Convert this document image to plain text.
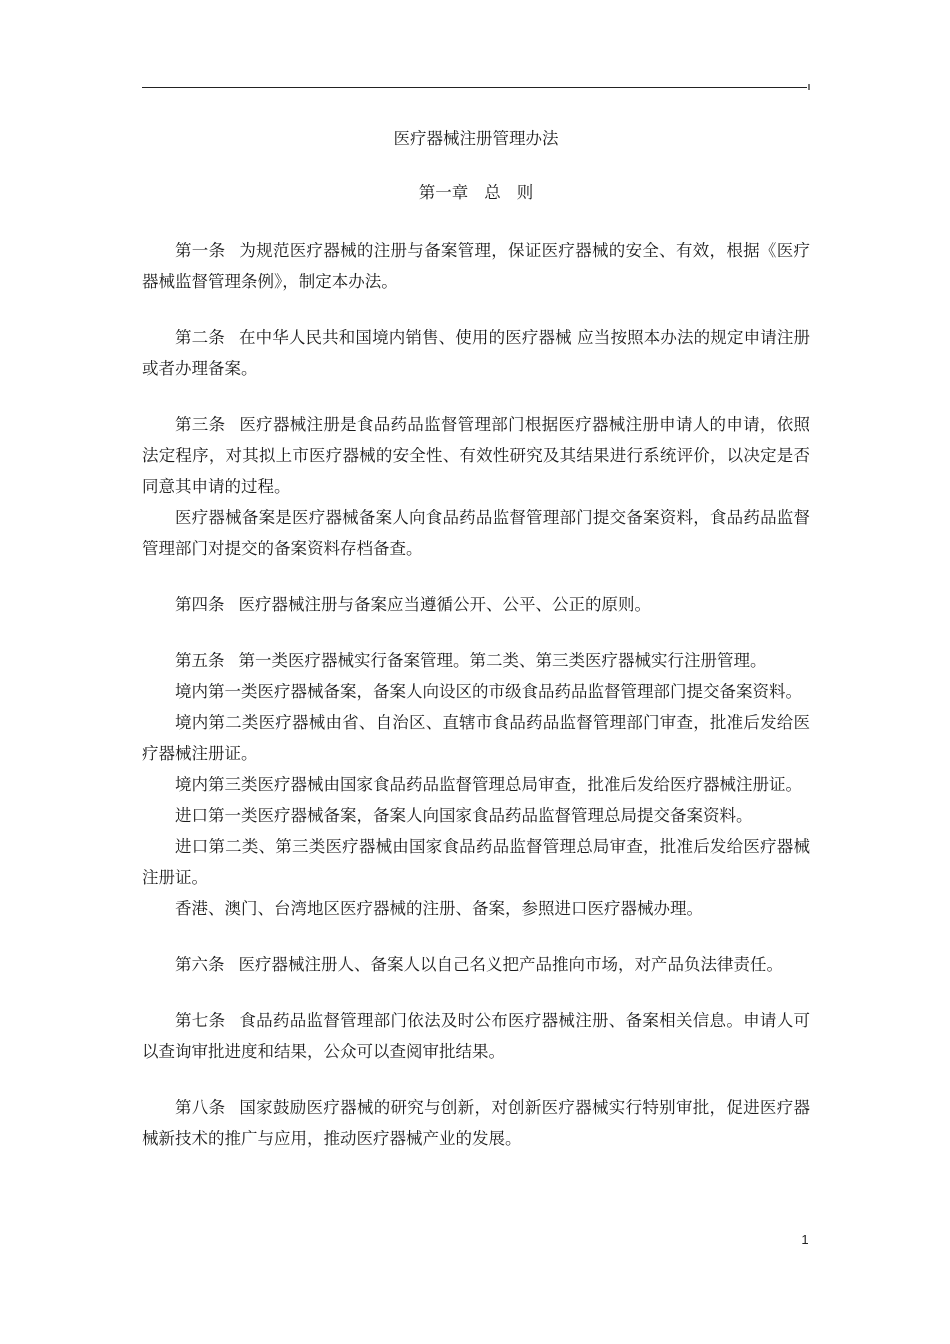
医疗器械注册管理办法
第一章 总 则

第一条 为规范医疗器械的注册与备案管理，保证医疗器械的安全、有效，根据《医疗器械监督管理条例》，制定本办法。

第二条 在中华人民共和国境内销售、使用的医疗器械 应当按照本办法的规定申请注册或者办理备案。

第三条 医疗器械注册是食品药品监督管理部门根据医疗器械注册申请人的申请，依照法定程序，对其拟上市医疗器械的安全性、有效性研究及其结果进行系统评价，以决定是否同意其申请的过程。

医疗器械备案是医疗器械备案人向食品药品监督管理部门提交备案资料，食品药品监督管理部门对提交的备案资料存档备查。

第四条 医疗器械注册与备案应当遵循公开、公平、公正的原则。

第五条 第一类医疗器械实行备案管理。第二类、第三类医疗器械实行注册管理。

境内第一类医疗器械备案，备案人向设区的市级食品药品监督管理部门提交备案资料。

境内第二类医疗器械由省、自治区、直辖市食品药品监督管理部门审查，批准后发给医疗器械注册证。

境内第三类医疗器械由国家食品药品监督管理总局审查，批准后发给医疗器械注册证。

进口第一类医疗器械备案，备案人向国家食品药品监督管理总局提交备案资料。

进口第二类、第三类医疗器械由国家食品药品监督管理总局审查，批准后发给医疗器械注册证。

香港、澳门、台湾地区医疗器械的注册、备案，参照进口医疗器械办理。

第六条 医疗器械注册人、备案人以自己名义把产品推向市场，对产品负法律责任。

第七条 食品药品监督管理部门依法及时公布医疗器械注册、备案相关信息。申请人可以查询审批进度和结果，公众可以查阅审批结果。

第八条 国家鼓励医疗器械的研究与创新，对创新医疗器械实行特别审批，促进医疗器械新技术的推广与应用，推动医疗器械产业的发展。

1
